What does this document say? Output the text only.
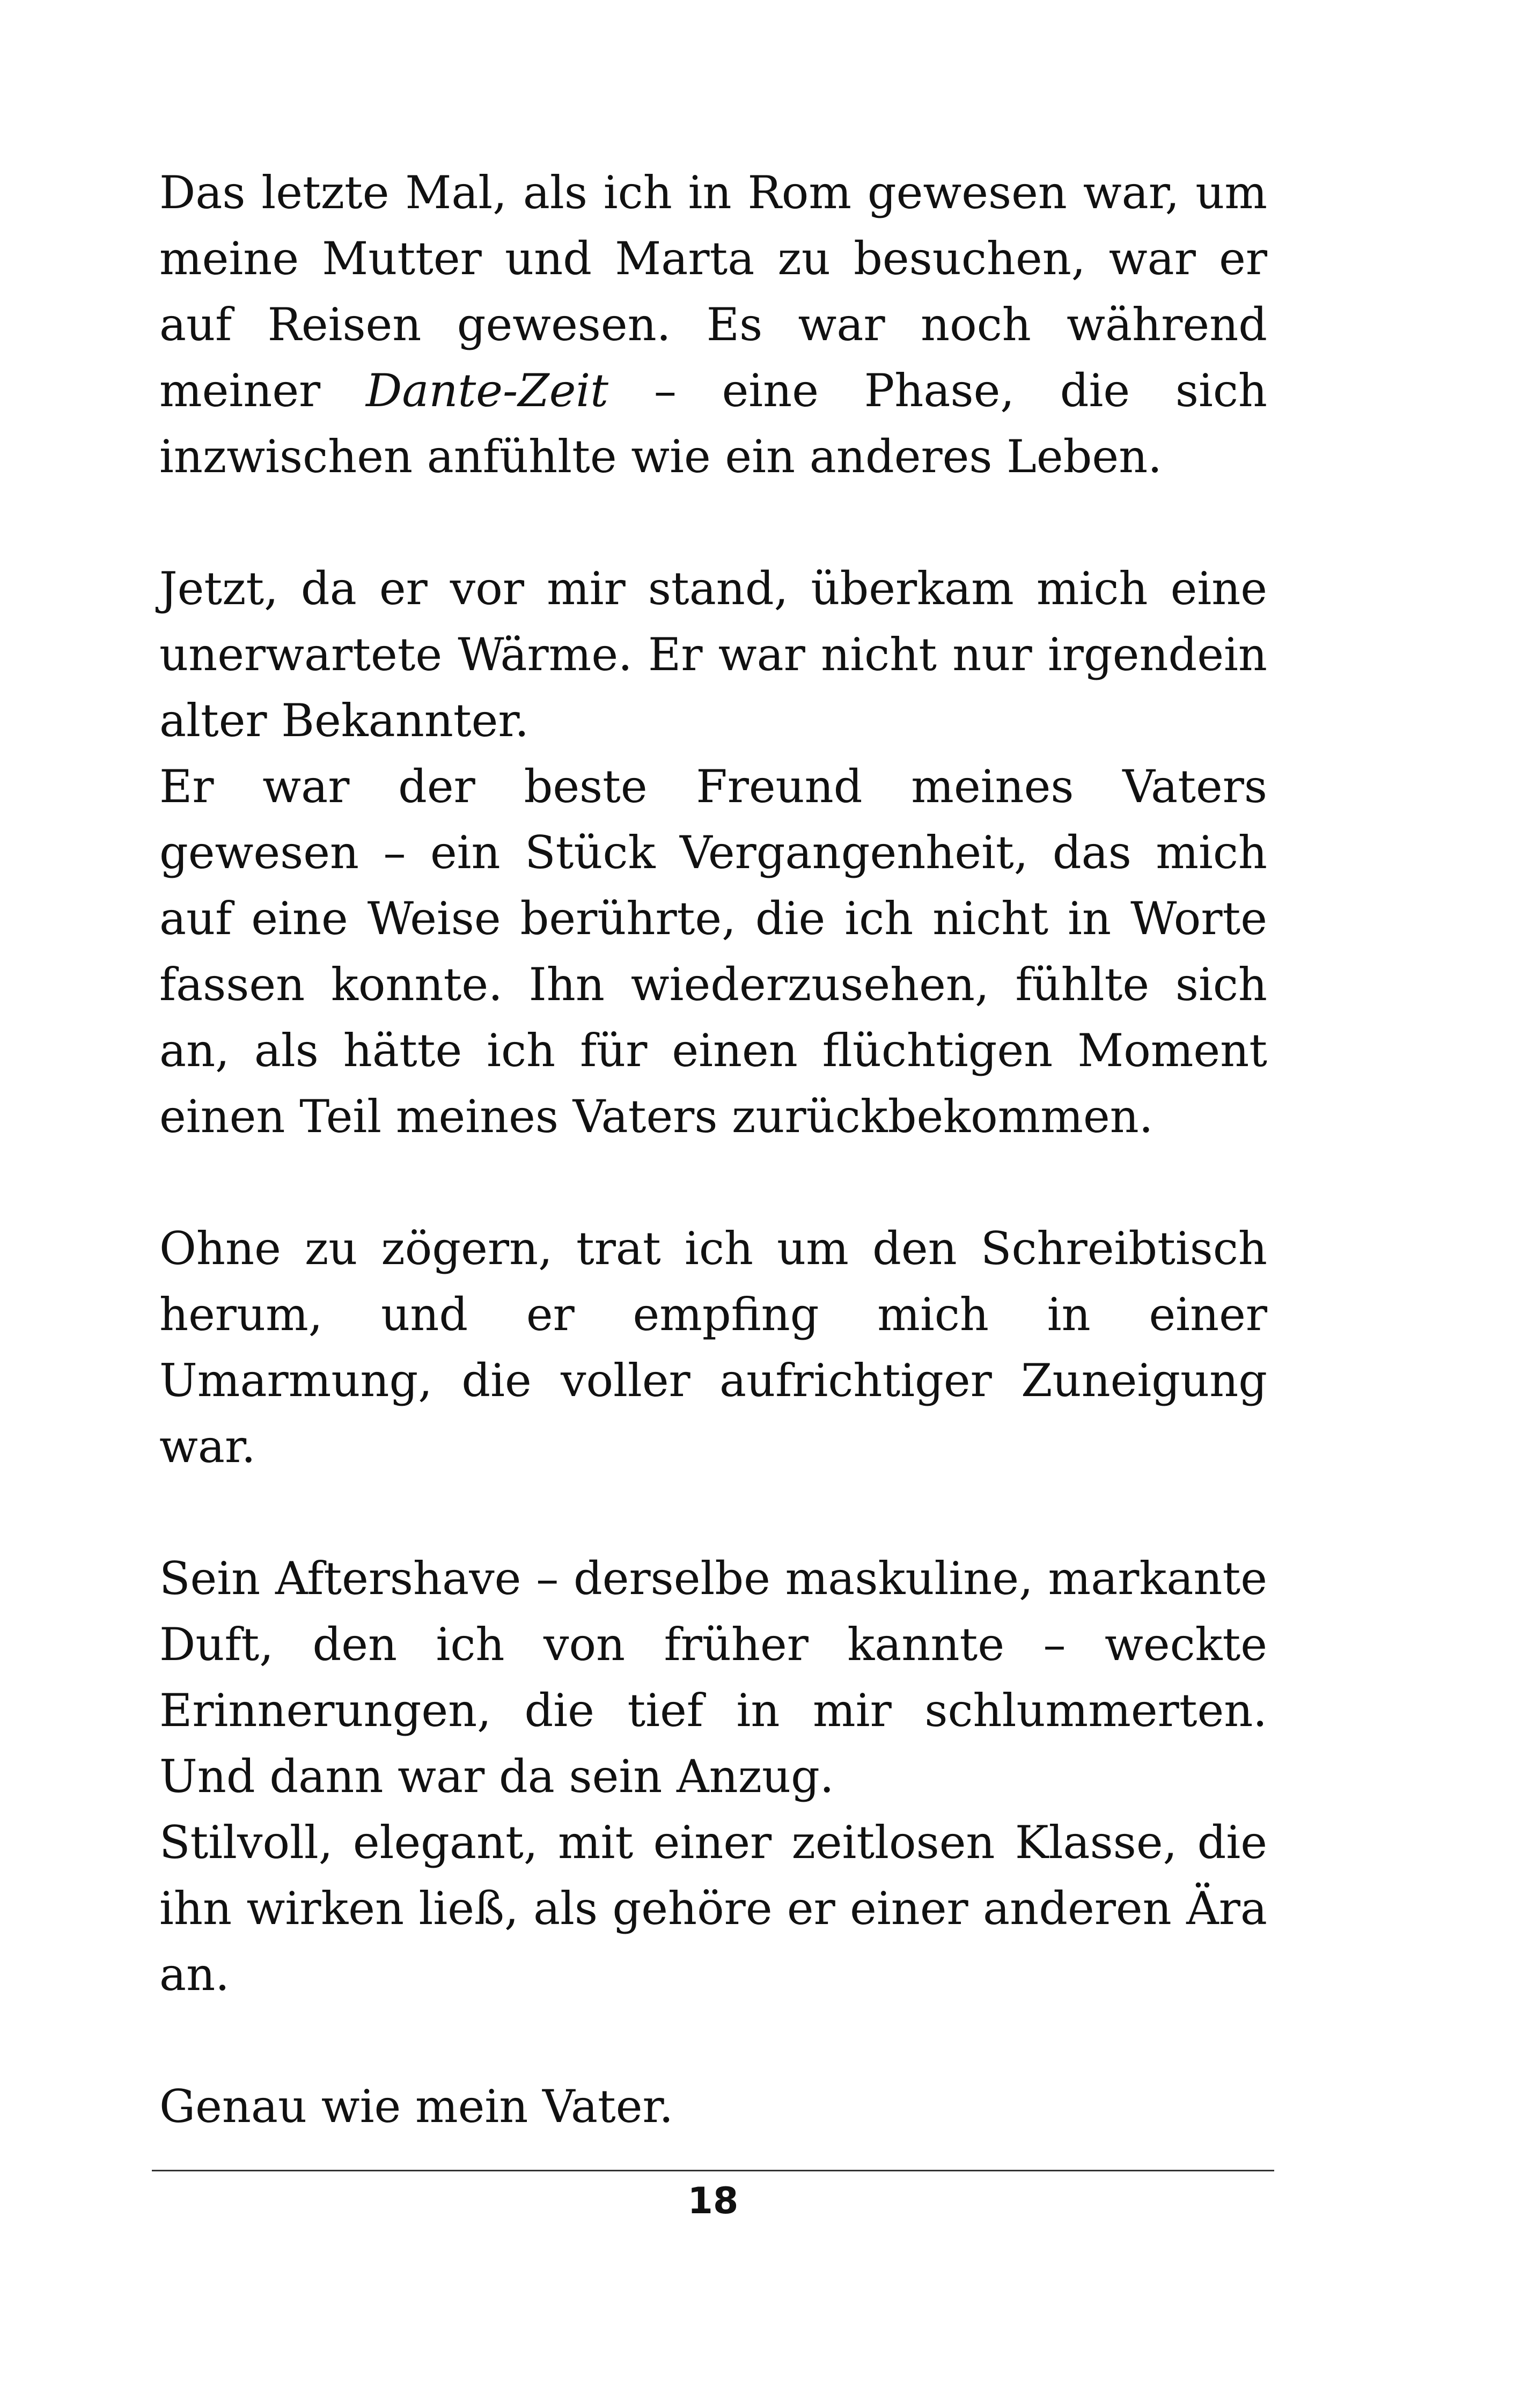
Das letzte Mal, als ich in Rom gewesen war, um meine Mutter und Marta zu besuchen, war er auf Reisen gewesen. Es war noch während meiner Dante-Zeit – eine Phase, die sich inzwischen anfühlte wie ein anderes Leben.

Jetzt, da er vor mir stand, überkam mich eine unerwartete Wärme. Er war nicht nur irgendein alter Bekannter.

Er war der beste Freund meines Vaters gewesen – ein Stück Vergangenheit, das mich auf eine Weise berührte, die ich nicht in Worte fassen konnte. Ihn wiederzusehen, fühlte sich an, als hätte ich für einen flüchtigen Moment einen Teil meines Vaters zurückbekommen.

Ohne zu zögern, trat ich um den Schreibtisch herum, und er empfing mich in einer Umarmung, die voller aufrichtiger Zuneigung war.

Sein Aftershave – derselbe maskuline, markante Duft, den ich von früher kannte – weckte Erinnerungen, die tief in mir schlummerten. Und dann war da sein Anzug.

Stilvoll, elegant, mit einer zeitlosen Klasse, die ihn wirken ließ, als gehöre er einer anderen Ära an.

Genau wie mein Vater.

18
